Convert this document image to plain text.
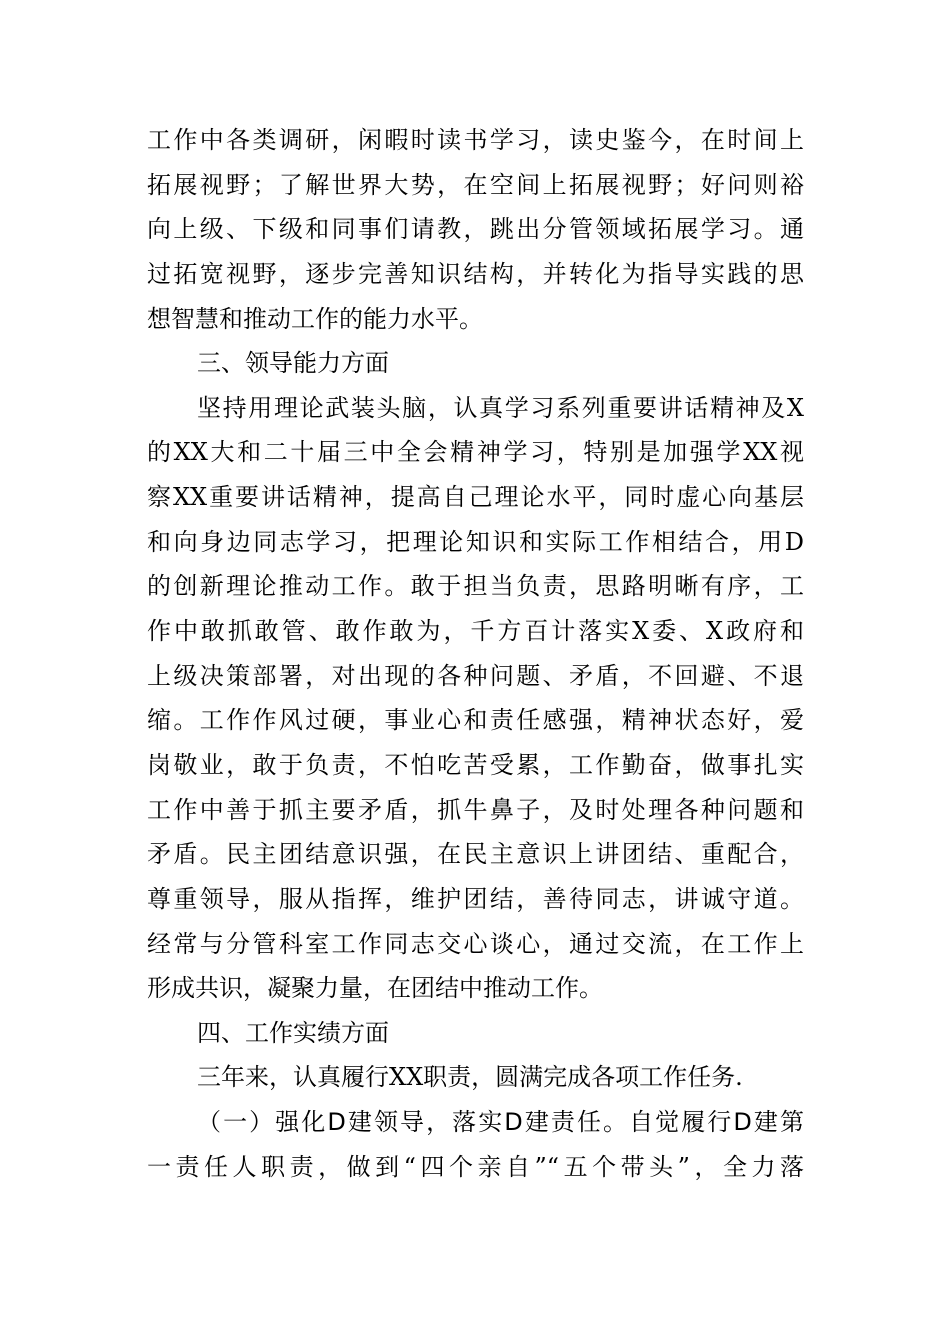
工作中各类调研，闲暇时读书学习，读史鉴今，在时间上
拓展视野；了解世界大势，在空间上拓展视野；好问则裕
向上级、下级和同事们请教，跳出分管领域拓展学习。通
过拓宽视野，逐步完善知识结构，并转化为指导实践的思
想智慧和推动工作的能力水平。
三、领导能力方面
坚持用理论武装头脑，认真学习系列重要讲话精神及X
的XX大和二十届三中全会精神学习，特别是加强学XX视
察XX重要讲话精神，提高自己理论水平，同时虚心向基层
和向身边同志学习，把理论知识和实际工作相结合，用D
的创新理论推动工作。敢于担当负责，思路明晰有序，工
作中敢抓敢管、敢作敢为，千方百计落实X委、X政府和
上级决策部署，对出现的各种问题、矛盾，不回避、不退
缩。工作作风过硬，事业心和责任感强，精神状态好，爱
岗敬业，敢于负责，不怕吃苦受累，工作勤奋，做事扎实
工作中善于抓主要矛盾，抓牛鼻子，及时处理各种问题和
矛盾。民主团结意识强，在民主意识上讲团结、重配合，
尊重领导，服从指挥，维护团结，善待同志，讲诚守道。
经常与分管科室工作同志交心谈心，通过交流，在工作上
形成共识，凝聚力量，在团结中推动工作。
四、工作实绩方面
三年来，认真履行XX职责，圆满完成各项工作任务.
（一）强化D建领导，落实D建责任。自觉履行D建第
一责任人职责，做到“四个亲自”“五个带头”，全力落
